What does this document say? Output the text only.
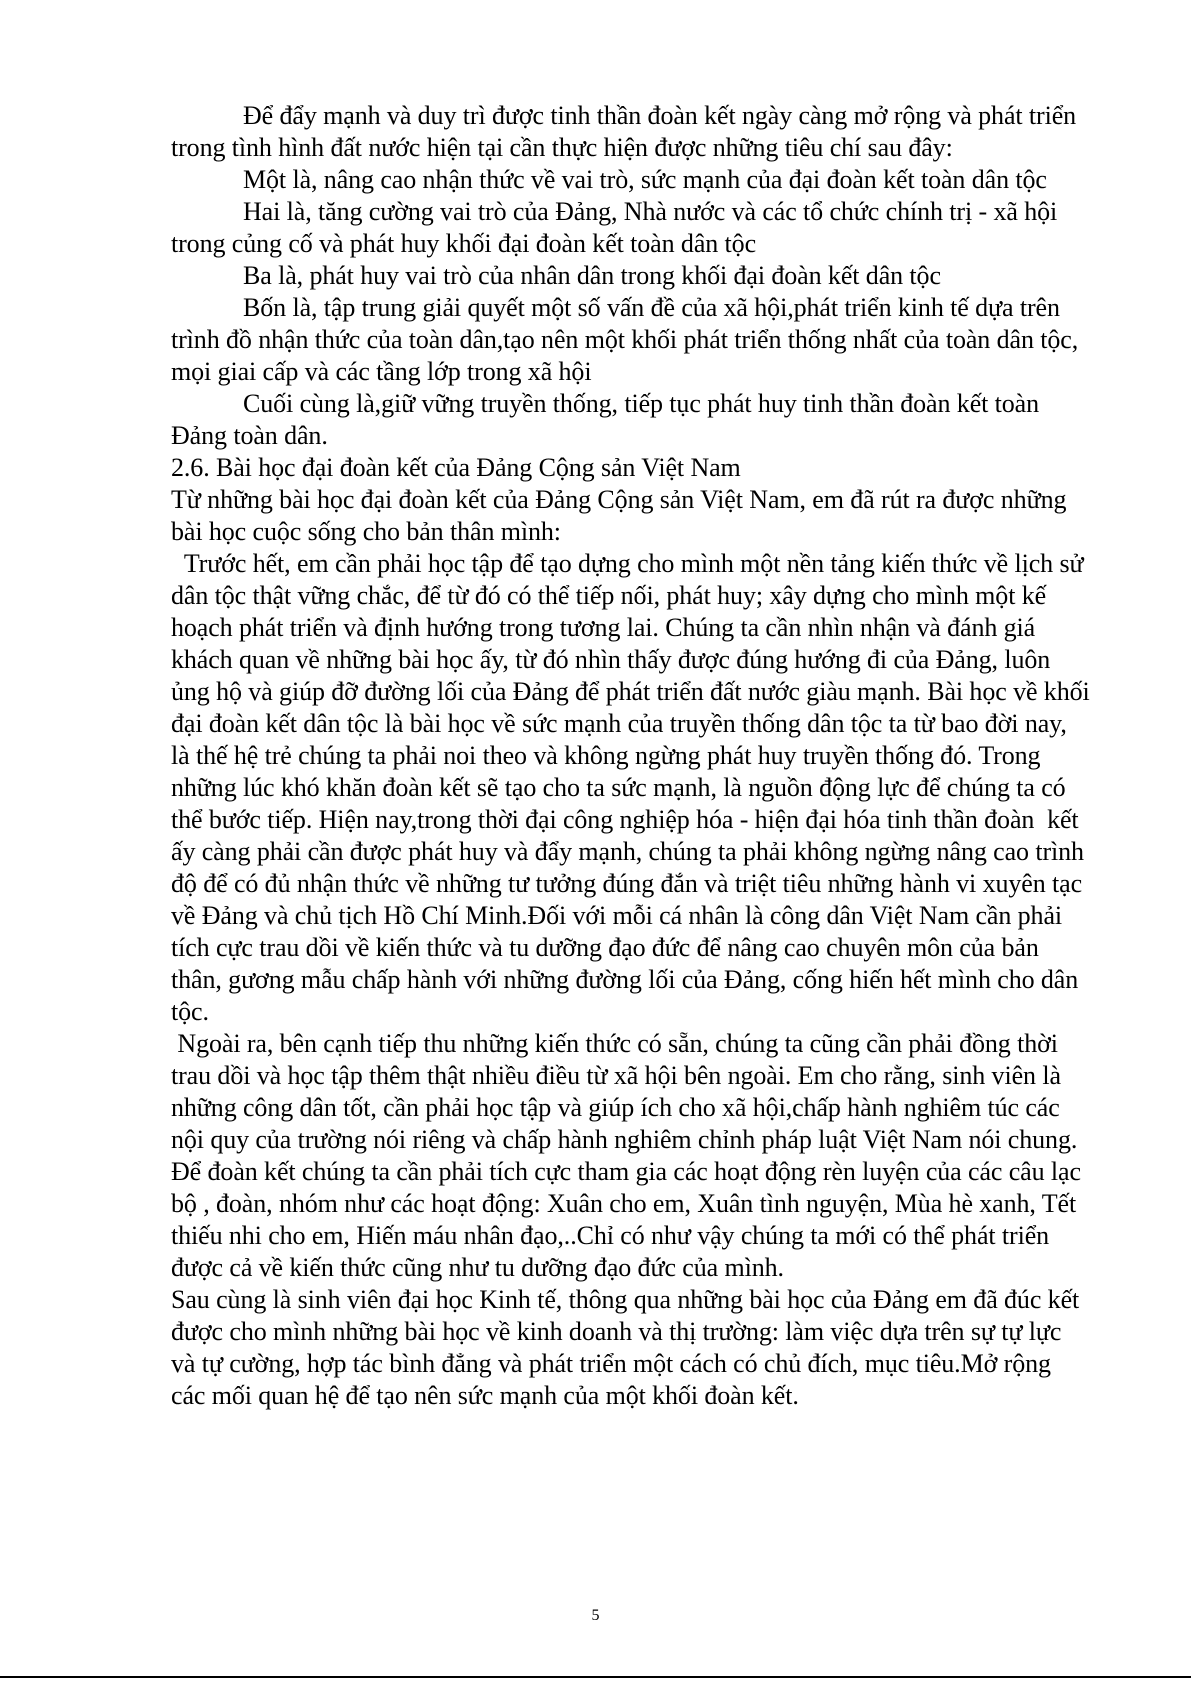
Để đẩy mạnh và duy trì được tinh thần đoàn kết ngày càng mở rộng và phát triển trong tình hình đất nước hiện tại cần thực hiện được những tiêu chí sau đây:

Một là, nâng cao nhận thức về vai trò, sức mạnh của đại đoàn kết toàn dân tộc

Hai là, tăng cường vai trò của Đảng, Nhà nước và các tổ chức chính trị - xã hội trong củng cố và phát huy khối đại đoàn kết toàn dân tộc

Ba là, phát huy vai trò của nhân dân trong khối đại đoàn kết dân tộc

Bốn là, tập trung giải quyết một số vấn đề của xã hội,phát triển kinh tế dựa trên trình đồ nhận thức của toàn dân,tạo nên một khối phát triển thống nhất của toàn dân tộc, mọi giai cấp và các tầng lớp trong xã hội

Cuối cùng là,giữ vững truyền thống, tiếp tục phát huy tinh thần đoàn kết toàn Đảng toàn dân.

2.6. Bài học đại đoàn kết của Đảng Cộng sản Việt Nam

Từ những bài học đại đoàn kết của Đảng Cộng sản Việt Nam, em đã rút ra được những bài học cuộc sống cho bản thân mình:

Trước hết, em cần phải học tập để tạo dựng cho mình một nền tảng kiến thức về lịch sử dân tộc thật vững chắc, để từ đó có thể tiếp nối, phát huy; xây dựng cho mình một kế hoạch phát triển và định hướng trong tương lai. Chúng ta cần nhìn nhận và đánh giá khách quan về những bài học ấy, từ đó nhìn thấy được đúng hướng đi của Đảng, luôn ủng hộ và giúp đỡ đường lối của Đảng để phát triển đất nước giàu mạnh. Bài học về khối đại đoàn kết dân tộc là bài học về sức mạnh của truyền thống dân tộc ta từ bao đời nay, là thế hệ trẻ chúng ta phải noi theo và không ngừng phát huy truyền thống đó. Trong những lúc khó khăn đoàn kết sẽ tạo cho ta sức mạnh, là nguồn động lực để chúng ta có thể bước tiếp. Hiện nay,trong thời đại công nghiệp hóa - hiện đại hóa tinh thần đoàn  kết ấy càng phải cần được phát huy và đẩy mạnh, chúng ta phải không ngừng nâng cao trình độ để có đủ nhận thức về những tư tưởng đúng đắn và triệt tiêu những hành vi xuyên tạc về Đảng và chủ tịch Hồ Chí Minh.Đối với mỗi cá nhân là công dân Việt Nam cần phải tích cực trau dồi về kiến thức và tu dưỡng đạo đức để nâng cao chuyên môn của bản thân, gương mẫu chấp hành với những đường lối của Đảng, cống hiến hết mình cho dân tộc.

Ngoài ra, bên cạnh tiếp thu những kiến thức có sẵn, chúng ta cũng cần phải đồng thời trau dồi và học tập thêm thật nhiều điều từ xã hội bên ngoài. Em cho rằng, sinh viên là những công dân tốt, cần phải học tập và giúp ích cho xã hội,chấp hành nghiêm túc các nội quy của trường nói riêng và chấp hành nghiêm chỉnh pháp luật Việt Nam nói chung. Để đoàn kết chúng ta cần phải tích cực tham gia các hoạt động rèn luyện của các câu lạc bộ , đoàn, nhóm như các hoạt động: Xuân cho em, Xuân tình nguyện, Mùa hè xanh, Tết thiếu nhi cho em, Hiến máu nhân đạo,..Chỉ có như vậy chúng ta mới có thể phát triển được cả về kiến thức cũng như tu dưỡng đạo đức của mình.

Sau cùng là sinh viên đại học Kinh tế, thông qua những bài học của Đảng em đã đúc kết được cho mình những bài học về kinh doanh và thị trường: làm việc dựa trên sự tự lực và tự cường, hợp tác bình đẳng và phát triển một cách có chủ đích, mục tiêu.Mở rộng các mối quan hệ để tạo nên sức mạnh của một khối đoàn kết.

5
